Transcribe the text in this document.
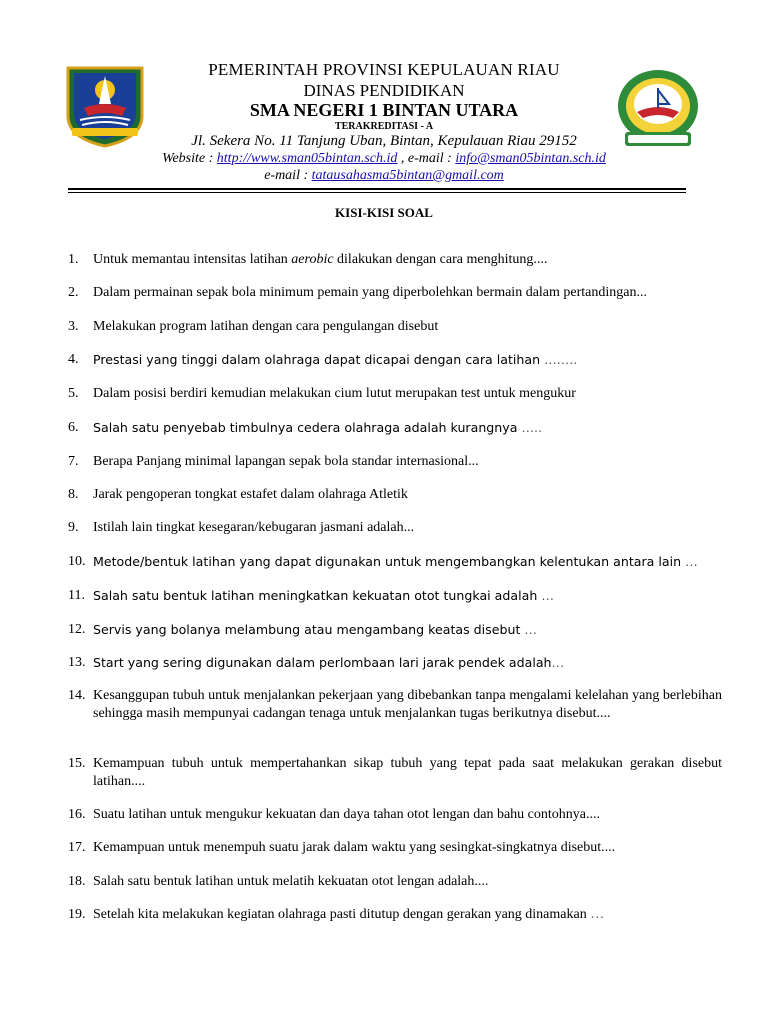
PEMERINTAH PROVINSI KEPULAUAN RIAU
DINAS PENDIDIKAN
SMA NEGERI 1 BINTAN UTARA
TERAKREDITASI - A
Jl. Sekera No. 11 Tanjung Uban, Bintan, Kepulauan Riau 29152
Website : http://www.sman05bintan.sch.id , e-mail : info@sman05bintan.sch.id
e-mail : tatausahasma5bintan@gmail.com
KISI-KISI SOAL
1.	Untuk memantau intensitas latihan aerobic dilakukan dengan cara menghitung....
2.	Dalam permainan sepak bola minimum pemain yang diperbolehkan bermain dalam pertandingan...
3.	Melakukan program latihan dengan cara pengulangan disebut
4.	Prestasi yang tinggi dalam olahraga dapat dicapai dengan cara latihan ……..
5.	Dalam posisi berdiri kemudian melakukan cium lutut merupakan test untuk mengukur
6.	Salah satu penyebab timbulnya cedera olahraga adalah kurangnya …..
7.	Berapa Panjang minimal lapangan sepak bola standar internasional...
8.	Jarak pengoperan tongkat estafet dalam olahraga Atletik
9.	Istilah lain tingkat kesegaran/kebugaran jasmani adalah...
10. Metode/bentuk latihan yang dapat digunakan untuk mengembangkan kelentukan antara lain …
11. Salah satu bentuk latihan meningkatkan kekuatan otot tungkai adalah …
12. Servis yang bolanya melambung atau mengambang keatas disebut …
13. Start yang sering digunakan dalam perlombaan lari jarak pendek adalah…
14. Kesanggupan tubuh untuk menjalankan pekerjaan yang dibebankan tanpa mengalami kelelahan yang berlebihan sehingga masih mempunyai cadangan tenaga untuk menjalankan tugas berikutnya disebut....
15. Kemampuan tubuh untuk mempertahankan sikap tubuh yang tepat pada saat melakukan gerakan disebut latihan....
16. Suatu latihan untuk mengukur kekuatan dan daya tahan otot lengan dan bahu contohnya....
17. Kemampuan untuk menempuh suatu jarak dalam waktu yang sesingkat-singkatnya disebut....
18. Salah satu bentuk latihan untuk melatih kekuatan otot lengan adalah....
19. Setelah kita melakukan kegiatan olahraga pasti ditutup dengan gerakan yang dinamakan …
